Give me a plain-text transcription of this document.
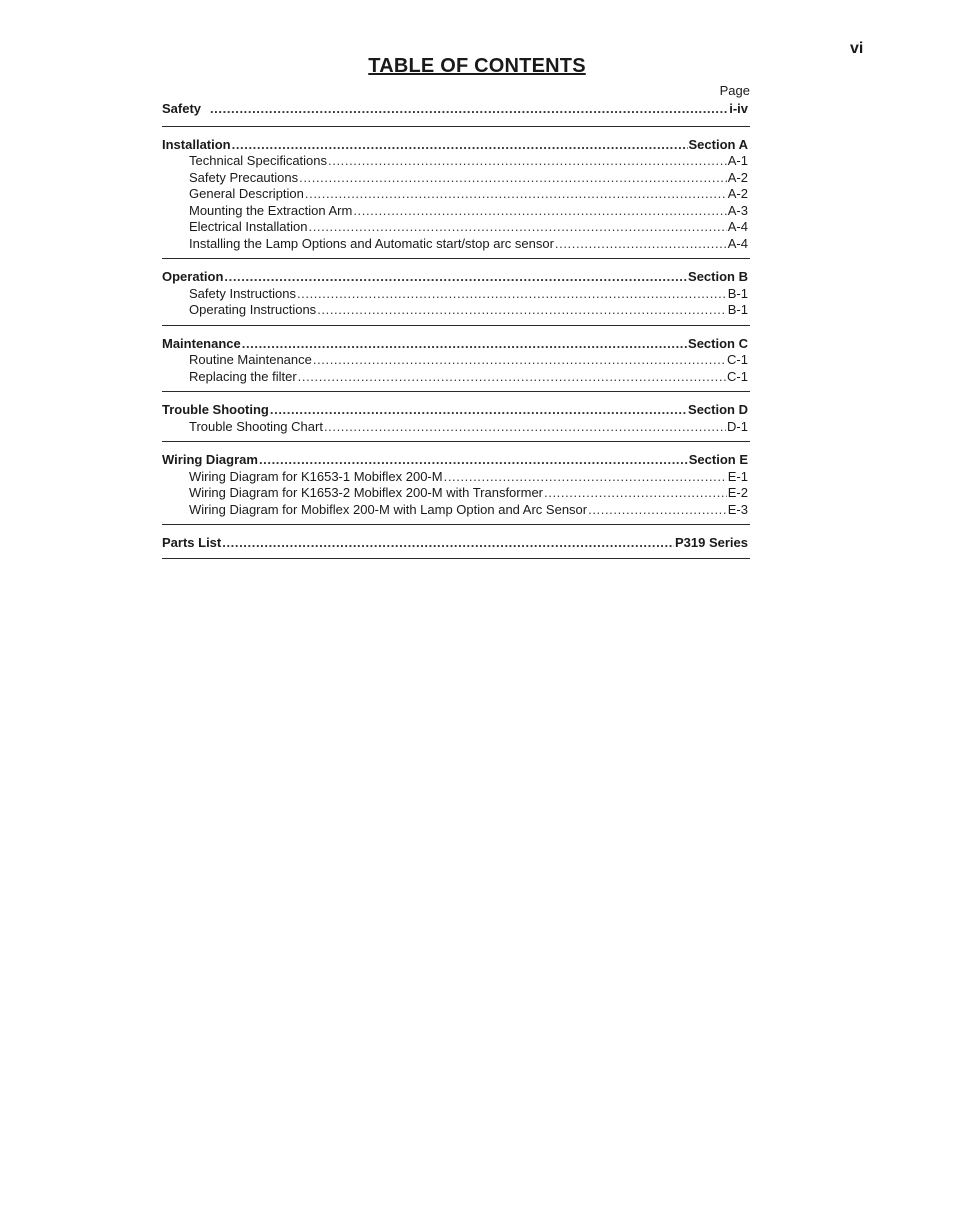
vi
TABLE OF CONTENTS
Page
Safety .....	i-iv
Installation .....	Section A
Technical Specifications .....	A-1
Safety Precautions .....	A-2
General Description .....	A-2
Mounting the Extraction Arm .....	A-3
Electrical Installation .....	A-4
Installing the Lamp Options and Automatic start/stop arc sensor .....	A-4
Operation .....	Section B
Safety Instructions .....	B-1
Operating Instructions .....	B-1
Maintenance .....	Section C
Routine Maintenance .....	C-1
Replacing the filter .....	C-1
Trouble Shooting .....	Section D
Trouble Shooting Chart .....	D-1
Wiring Diagram .....	Section E
Wiring Diagram for K1653-1 Mobiflex 200-M .....	E-1
Wiring Diagram for K1653-2 Mobiflex 200-M with Transformer .....	E-2
Wiring Diagram for Mobiflex 200-M with Lamp Option and Arc Sensor .....	E-3
Parts List .....	P319 Series
